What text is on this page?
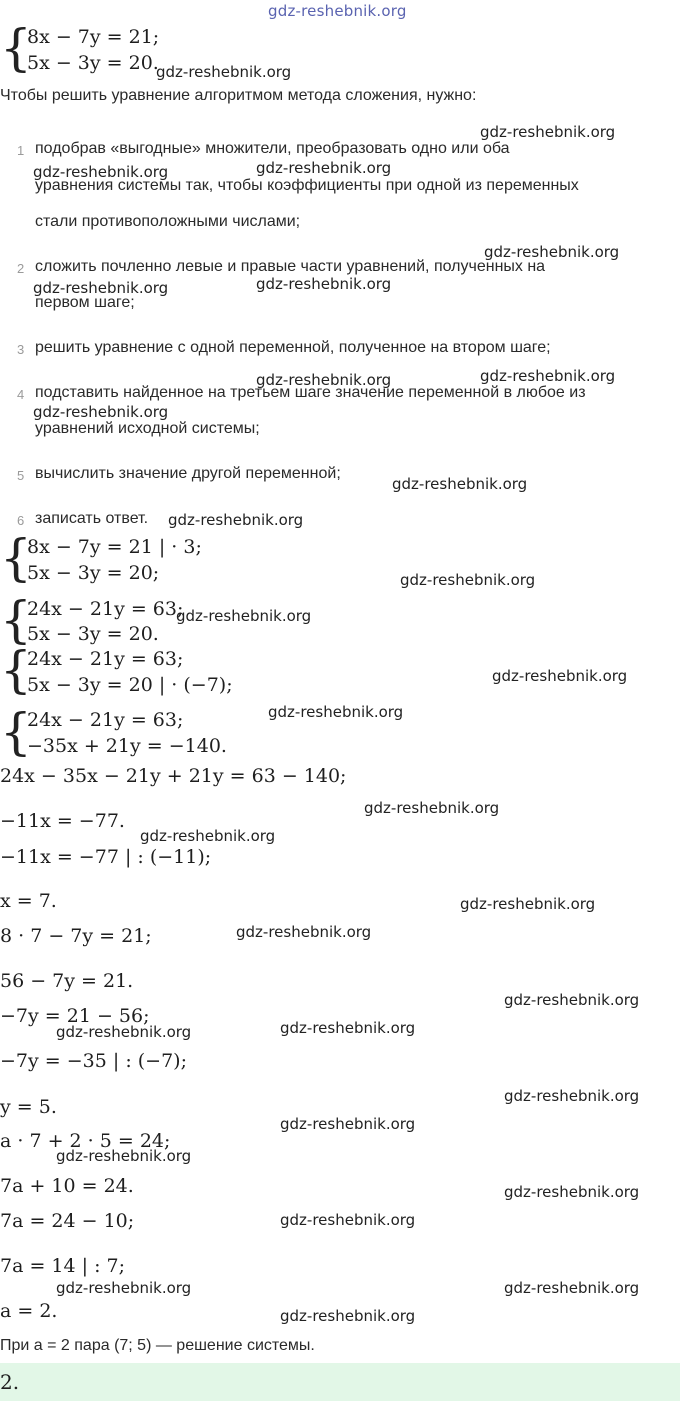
gdz-reshebnik.org
{
8x − 7y = 21;
5x − 3y = 20.
gdz-reshebnik.org
Чтобы решить уравнение алгоритмом метода сложения, нужно:
gdz-reshebnik.org
1 подобрав «выгодные» множители, преобразовать одно или оба
gdz-reshebnik.org	gdz-reshebnik.org
уравнения системы так, чтобы коэффициенты при одной из переменных
стали противоположными числами;
gdz-reshebnik.org
2 сложить почленно левые и правые части уравнений, полученных на
gdz-reshebnik.org	gdz-reshebnik.org
первом шаге;
3 решить уравнение с одной переменной, полученное на втором шаге;
gdz-reshebnik.org	gdz-reshebnik.org
4 подставить найденное на третьем шаге значение переменной в любое из
gdz-reshebnik.org
уравнений исходной системы;
5 вычислить значение другой переменной;
gdz-reshebnik.org
6 записать ответ. gdz-reshebnik.org
{
8x − 7y = 21 | · 3;
5x − 3y = 20;	gdz-reshebnik.org
{
24x − 21y = 63;
5x − 3y = 20.
gdz-reshebnik.org
{
24x − 21y = 63;
5x − 3y = 20 | · (−7);	gdz-reshebnik.org
{
24x − 21y = 63;
−35x + 21y = −140.
gdz-reshebnik.org
24x − 35x − 21y + 21y = 63 − 140;
gdz-reshebnik.org
−11x = −77.
gdz-reshebnik.org
−11x = −77 | : (−11);
x = 7.	gdz-reshebnik.org
8 · 7 − 7y = 21;	gdz-reshebnik.org
56 − 7y = 21.
gdz-reshebnik.org
−7y = 21 − 56;
gdz-reshebnik.org	gdz-reshebnik.org
−7y = −35 | : (−7);
gdz-reshebnik.org
y = 5.
gdz-reshebnik.org
a · 7 + 2 · 5 = 24;
gdz-reshebnik.org
7a + 10 = 24.	gdz-reshebnik.org
7a = 24 − 10;	gdz-reshebnik.org
7a = 14 | : 7;
gdz-reshebnik.org	gdz-reshebnik.org
a = 2.	gdz-reshebnik.org
При a = 2 пара (7; 5) — решение системы.
2.
